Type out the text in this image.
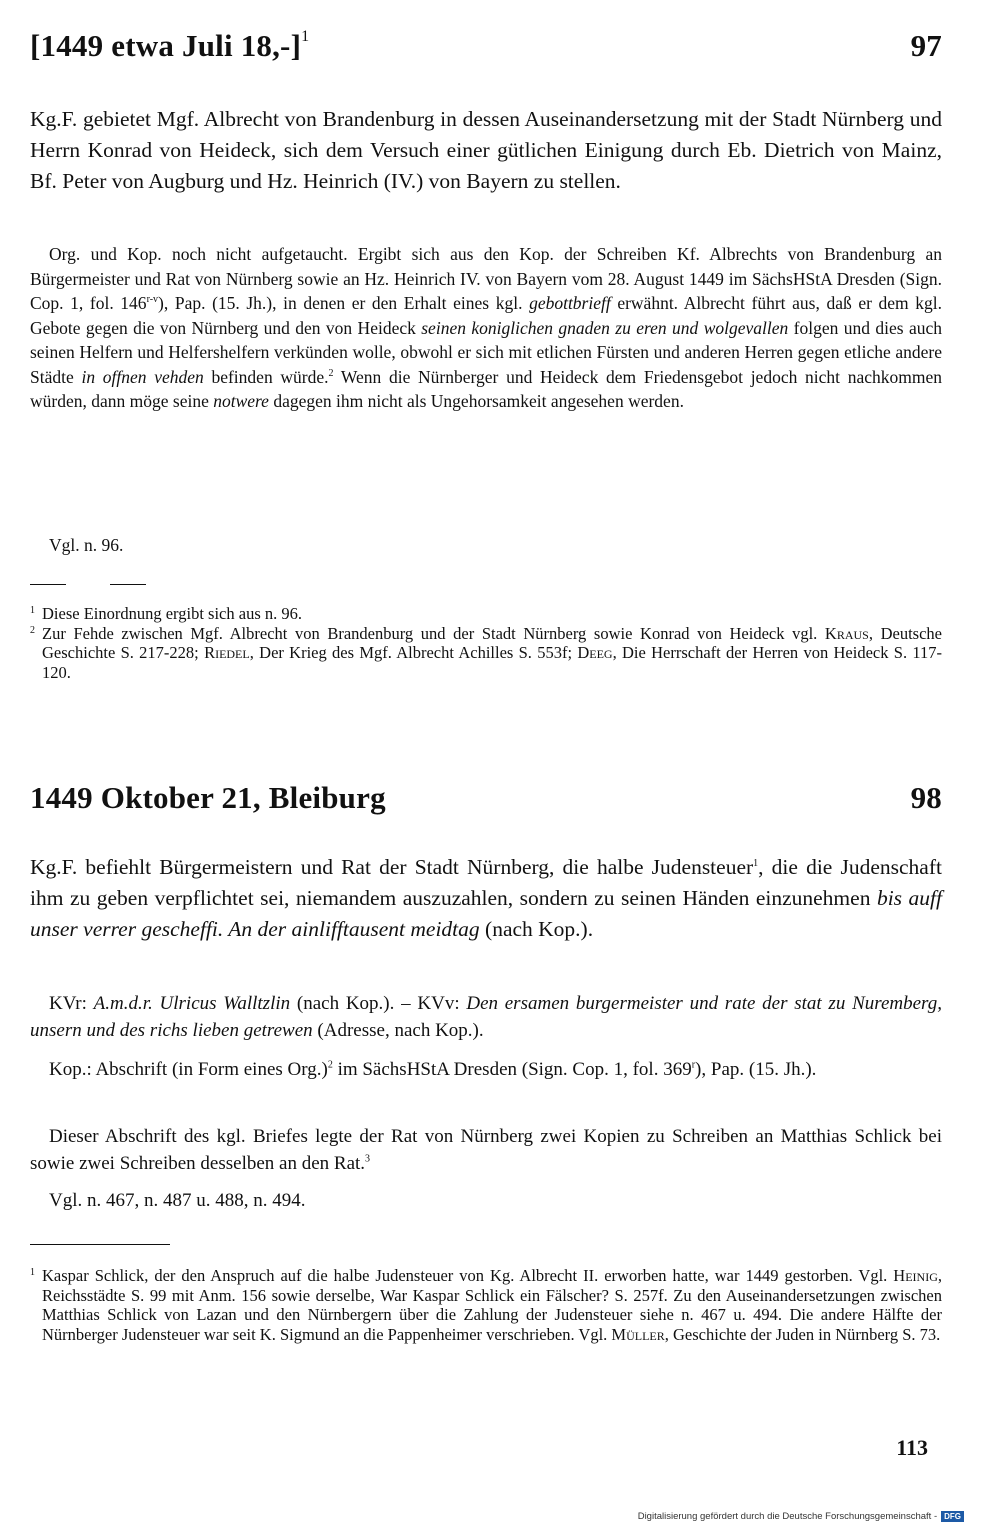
[1449 etwa Juli 18,-]$^1$	97
Kg.F. gebietet Mgf. Albrecht von Brandenburg in dessen Auseinandersetzung mit der Stadt Nürnberg und Herrn Konrad von Heideck, sich dem Versuch einer gütlichen Einigung durch Eb. Dietrich von Mainz, Bf. Peter von Augburg und Hz. Heinrich (IV.) von Bayern zu stellen.
Org. und Kop. noch nicht aufgetaucht. Ergibt sich aus den Kop. der Schreiben Kf. Albrechts von Brandenburg an Bürgermeister und Rat von Nürnberg sowie an Hz. Heinrich IV. von Bayern vom 28. August 1449 im SächsHStA Dresden (Sign. Cop. 1, fol. 146$^{r-v}$), Pap. (15. Jh.), in denen er den Erhalt eines kgl. gebottbrieff erwähnt. Albrecht führt aus, daß er dem kgl. Gebote gegen die von Nürnberg und den von Heideck seinen koniglichen gnaden zu eren und wolgevallen folgen und dies auch seinen Helfern und Helfershelfern verkünden wolle, obwohl er sich mit etlichen Fürsten und anderen Herren gegen etliche andere Städte in offnen vehden befinden würde.$^2$ Wenn die Nürnberger und Heideck dem Friedensgebot jedoch nicht nachkommen würden, dann möge seine notwere dagegen ihm nicht als Ungehorsamkeit angesehen werden.
Vgl. n. 96.
1 Diese Einordnung ergibt sich aus n. 96.
2 Zur Fehde zwischen Mgf. Albrecht von Brandenburg und der Stadt Nürnberg sowie Konrad von Heideck vgl. Kraus, Deutsche Geschichte S. 217-228; Riedel, Der Krieg des Mgf. Albrecht Achilles S. 553f; Deeg, Die Herrschaft der Herren von Heideck S. 117-120.
1449 Oktober 21, Bleiburg	98
Kg.F. befiehlt Bürgermeistern und Rat der Stadt Nürnberg, die halbe Judensteuer$^1$, die die Judenschaft ihm zu geben verpflichtet sei, niemandem auszuzahlen, sondern zu seinen Händen einzunehmen bis auff unser verrer gescheffi. An der ainlifftausent meidtag (nach Kop.).
KVr: A.m.d.r. Ulricus Walltzlin (nach Kop.). – KVv: Den ersamen burgermeister und rate der stat zu Nuremberg, unsern und des richs lieben getrewen (Adresse, nach Kop.).
Kop.: Abschrift (in Form eines Org.)$^2$ im SächsHStA Dresden (Sign. Cop. 1, fol. 369$^r$), Pap. (15. Jh.).
Dieser Abschrift des kgl. Briefes legte der Rat von Nürnberg zwei Kopien zu Schreiben an Matthias Schlick bei sowie zwei Schreiben desselben an den Rat.$^3$
Vgl. n. 467, n. 487 u. 488, n. 494.
1 Kaspar Schlick, der den Anspruch auf die halbe Judensteuer von Kg. Albrecht II. erworben hatte, war 1449 gestorben. Vgl. Heinig, Reichsstädte S. 99 mit Anm. 156 sowie derselbe, War Kaspar Schlick ein Fälscher? S. 257f. Zu den Auseinandersetzungen zwischen Matthias Schlick von Lazan und den Nürnbergern über die Zahlung der Judensteuer siehe n. 467 u. 494. Die andere Hälfte der Nürnberger Judensteuer war seit K. Sigmund an die Pappenheimer verschrieben. Vgl. Müller, Geschichte der Juden in Nürnberg S. 73.
113
Digitalisierung gefördert durch die Deutsche Forschungsgemeinschaft - DFG
